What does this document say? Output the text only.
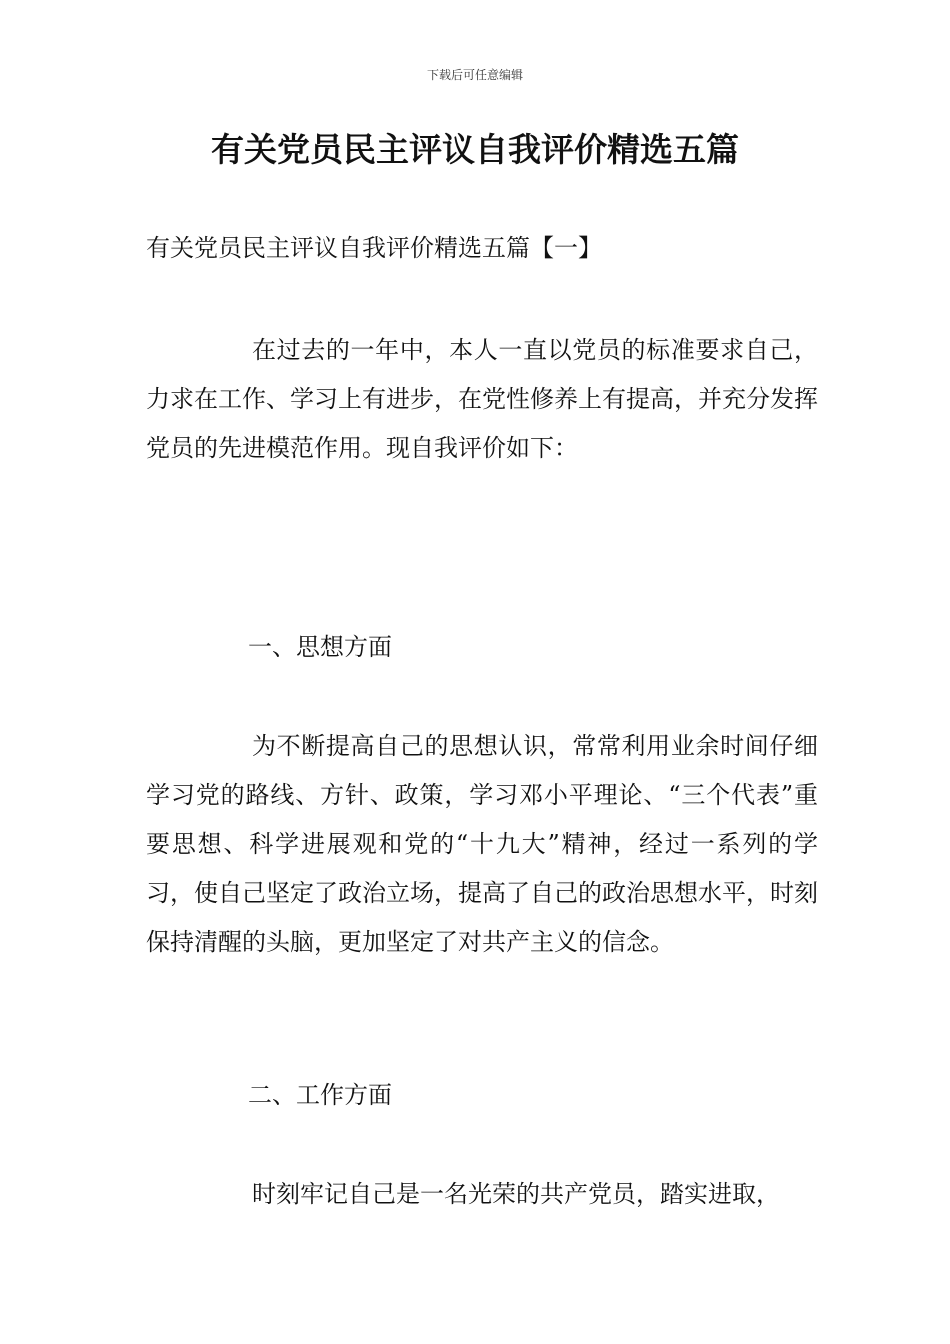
下载后可任意编辑
有关党员民主评议自我评价精选五篇

有关党员民主评议自我评价精选五篇【一】

在过去的一年中，本人一直以党员的标准要求自己，力求在工作、学习上有进步，在党性修养上有提高，并充分发挥党员的先进模范作用。现自我评价如下：

一、思想方面

为不断提高自己的思想认识，常常利用业余时间仔细学习党的路线、方针、政策，学习邓小平理论、“三个代表”重要思想、科学进展观和党的“十九大”精神，经过一系列的学习，使自己坚定了政治立场，提高了自己的政治思想水平，时刻保持清醒的头脑，更加坚定了对共产主义的信念。

二、工作方面

时刻牢记自己是一名光荣的共产党员，踏实进取，
